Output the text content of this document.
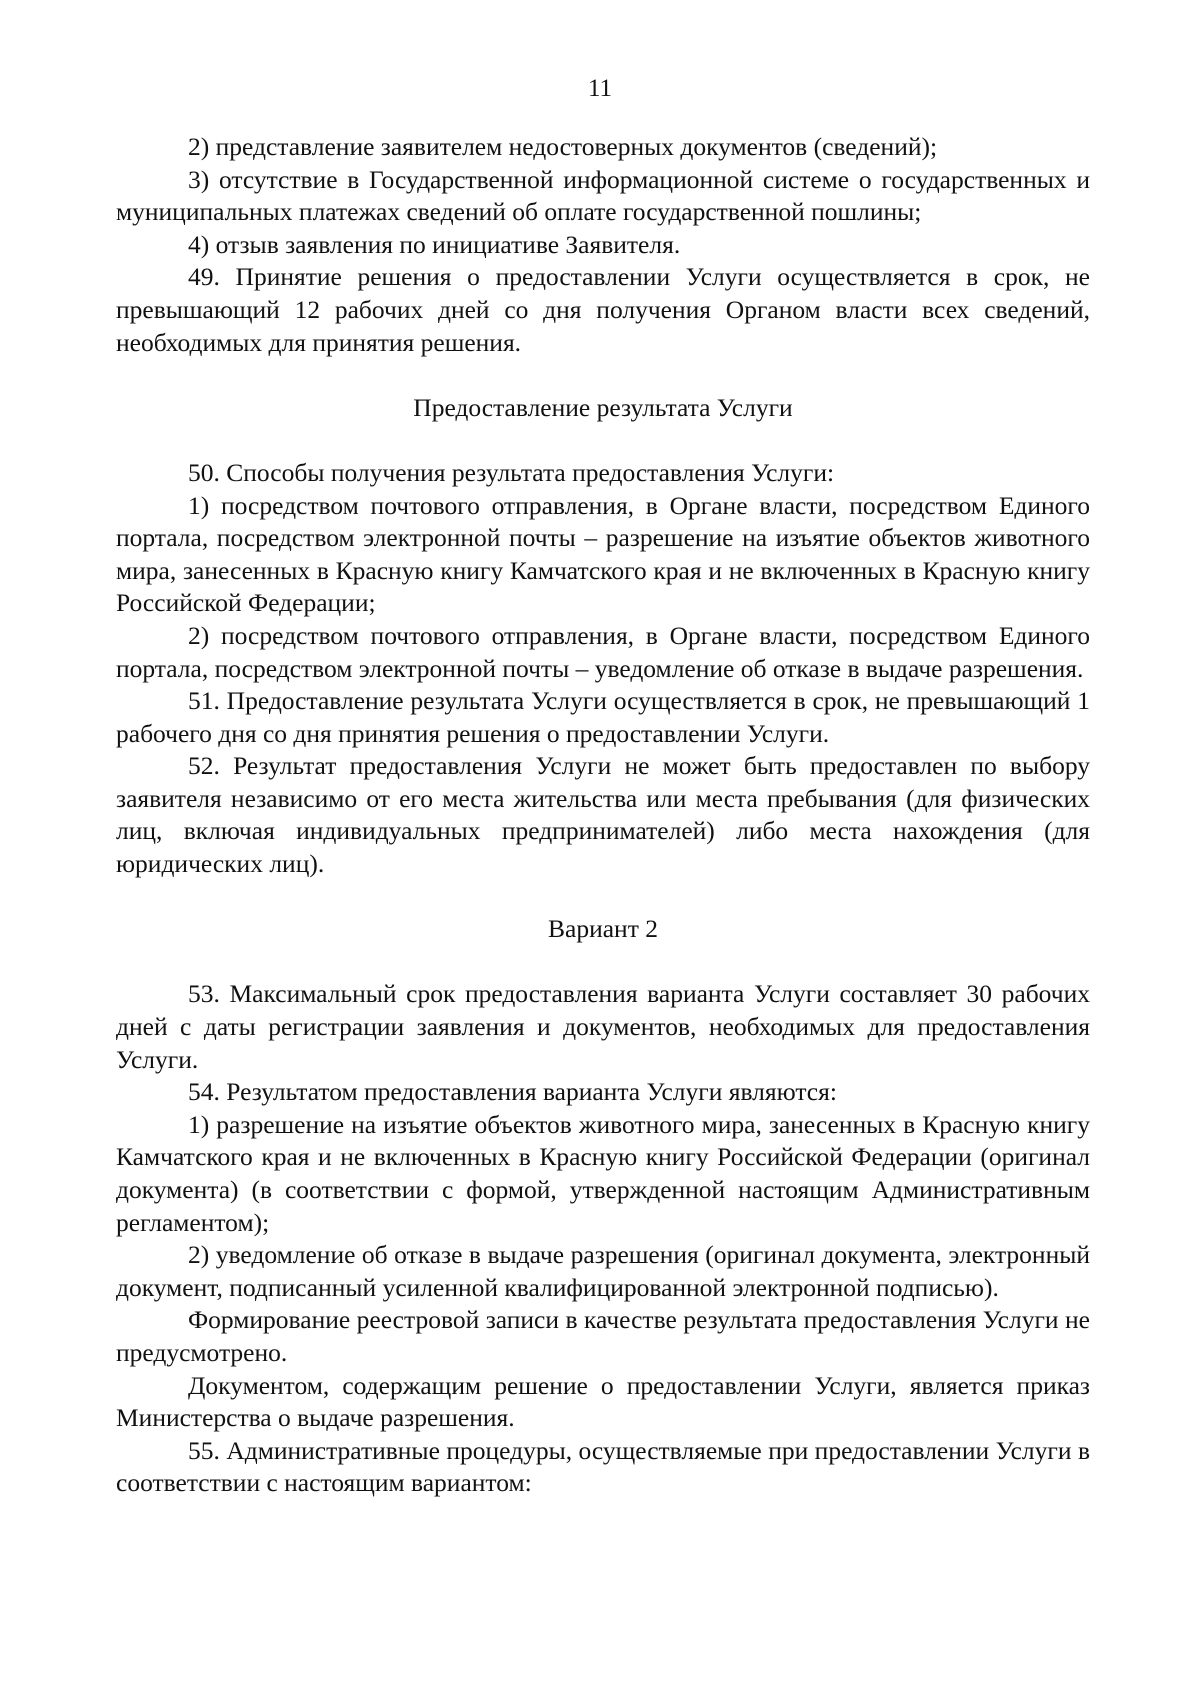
11

2) представление заявителем недостоверных документов (сведений);

3) отсутствие в Государственной информационной системе о государственных и муниципальных платежах сведений об оплате государственной пошлины;

4) отзыв заявления по инициативе Заявителя.

49. Принятие решения о предоставлении Услуги осуществляется в срок, не превышающий 12 рабочих дней со дня получения Органом власти всех сведений, необходимых для принятия решения.

Предоставление результата Услуги

50. Способы получения результата предоставления Услуги:

1) посредством почтового отправления, в Органе власти, посредством Единого портала, посредством электронной почты – разрешение на изъятие объектов животного мира, занесенных в Красную книгу Камчатского края и не включенных в Красную книгу Российской Федерации;

2) посредством почтового отправления, в Органе власти, посредством Единого портала, посредством электронной почты – уведомление об отказе в выдаче разрешения.

51. Предоставление результата Услуги осуществляется в срок, не превышающий 1 рабочего дня со дня принятия решения о предоставлении Услуги.

52. Результат предоставления Услуги не может быть предоставлен по выбору заявителя независимо от его места жительства или места пребывания (для физических лиц, включая индивидуальных предпринимателей) либо места нахождения (для юридических лиц).

Вариант 2

53. Максимальный срок предоставления варианта Услуги составляет 30 рабочих дней с даты регистрации заявления и документов, необходимых для предоставления Услуги.

54. Результатом предоставления варианта Услуги являются:

1) разрешение на изъятие объектов животного мира, занесенных в Красную книгу Камчатского края и не включенных в Красную книгу Российской Федерации (оригинал документа) (в соответствии с формой, утвержденной настоящим Административным регламентом);

2) уведомление об отказе в выдаче разрешения (оригинал документа, электронный документ, подписанный усиленной квалифицированной электронной подписью).

Формирование реестровой записи в качестве результата предоставления Услуги не предусмотрено.

Документом, содержащим решение о предоставлении Услуги, является приказ Министерства о выдаче разрешения.

55. Административные процедуры, осуществляемые при предоставлении Услуги в соответствии с настоящим вариантом:
